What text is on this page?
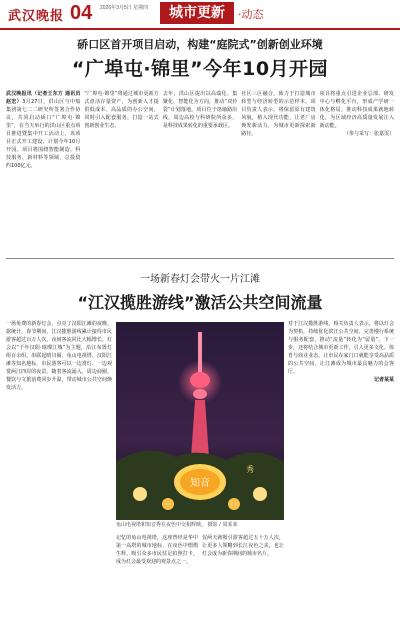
武汉晚报 04 2026年3月5日 星期四	城市更新	·动态
硚口区首开项目启动，构建“庭院式”创新创业环境
“广埠屯·锦里”今年10月开园
武汉晚报讯（记者王东方 通讯员赵宏）3月27日，洪山区与中船集团第七二二研究所签署合作协议，共同启动硚口“广埠屯·锦里”，在当天举行的洪山区重点项目推进暨集中开工活动上，该项目正式开工建设，计划今年10月开园。项目将围绕智能制造、科技服务、新材料等领域，总投资约100亿元。
“广埠屯·锦里”将通过城市更新方式盘活存量资产，为创新人才提供低成本、高品质的办公空间，同时引入配套服务，打造一站式创新创业生态。
去年，洪山区提出以高端化、集聚化、智能化为方向，推动“双拎袋”计划落地。项目位于珞瑜路沿线，周边高校与科研院所众多，是科技成果转化的重要承载区。
社区三区融合，致力于打造城市转型与经济转型的示范样本。项目负责人表示，将保留原有建筑风貌，植入现代功能，让老厂房焕发新活力，为城市更新探索新路径。
项目将重点引进企业总部、研发中心与孵化平台，形成产学研一体化格局，推动科技成果就地转化，为区域经济高质量发展注入新动能。
（参与采写：张嘉雯）
一场新春灯会带火一片江滩
“江汉揽胜游线”激活公共空间流量
一场免费的新春灯会，点亮了汉阳江滩的夜晚。据统计，春节期间，江汉揽胜游线累计接待市民游客超过百万人次，夜间客流同比大幅增长。灯会以“千年汉阳·璀璨江城”为主题，沿江布置灯组百余组，串联起晴川阁、龟山电视塔、汉阳江滩等知名地标，市民游客可以一边赏灯、一边观赏两江四岸的夜景。随着客流涌入，周边商圈、餐饮与文旅消费同步升温，带动城市公共空间焕发活力。
知音
秀
龟山电视塔和知音秀在夜色中交相辉映。 摄影 / 周某某
记忆的龟山电视塔，这座曾经是华中第一高塔的城市地标，在夜色中熠熠生辉，吸引众多市民驻足拍照打卡，成为灯会最受欢迎的观景点之一。
仅两天就吸引游客超过五十万人次，让更多人领略到长江夜色之美，也让灯会成为新春期间的城市名片。
对于江汉揽胜游线，相关负责人表示，将以灯会为契机，持续优化滨江公共空间，完善慢行系统与服务配套，推动“流量”转化为“留量”。下一步，还将结合城市更新工作，引入更多文化、体育与商业业态，让市民在家门口就能享受高品质的公共空间，让江滩成为城市最具魅力的会客厅。
记者某某
